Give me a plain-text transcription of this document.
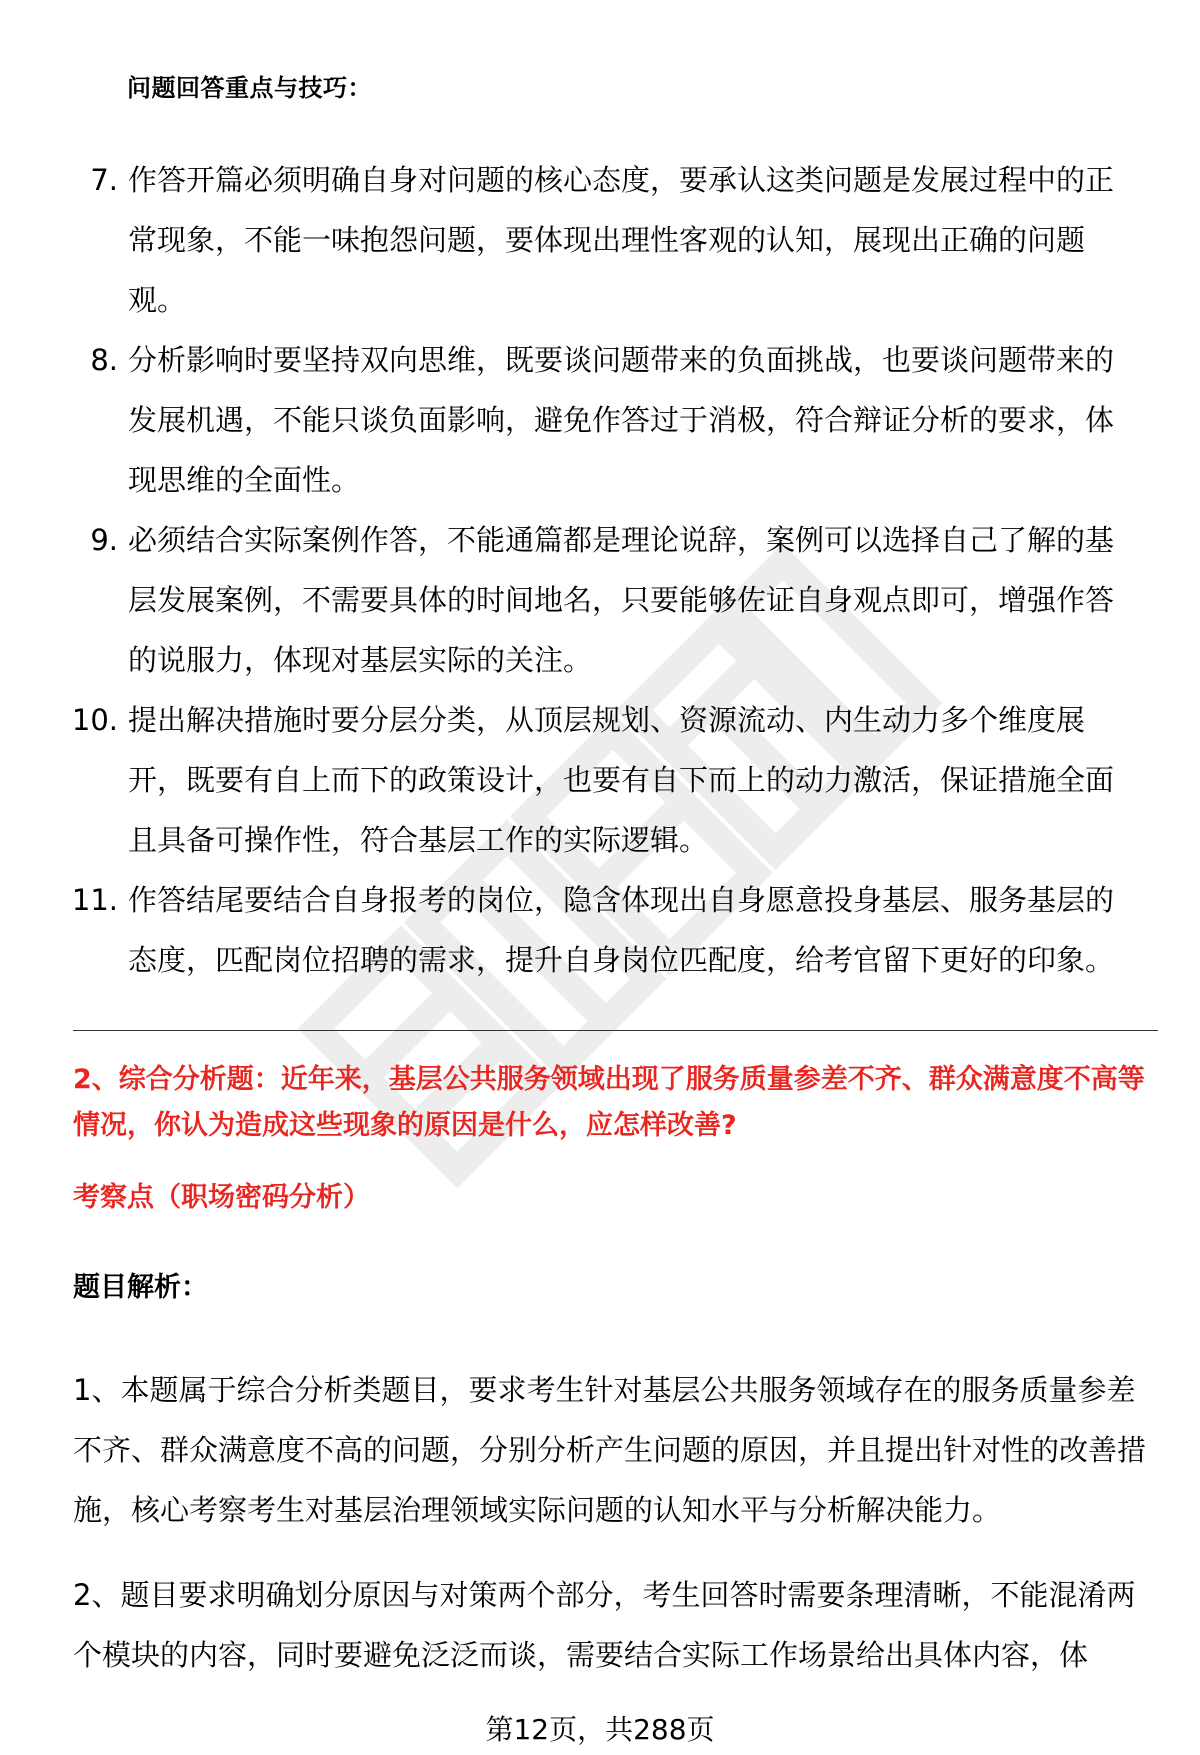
问题回答重点与技巧：
7. 作答开篇必须明确自身对问题的核心态度，要承认这类问题是发展过程中的正常现象，不能一味抱怨问题，要体现出理性客观的认知，展现出正确的问题观。
8. 分析影响时要坚持双向思维，既要谈问题带来的负面挑战，也要谈问题带来的发展机遇，不能只谈负面影响，避免作答过于消极，符合辩证分析的要求，体现思维的全面性。
9. 必须结合实际案例作答，不能通篇都是理论说辞，案例可以选择自己了解的基层发展案例，不需要具体的时间地名，只要能够佐证自身观点即可，增强作答的说服力，体现对基层实际的关注。
10. 提出解决措施时要分层分类，从顶层规划、资源流动、内生动力多个维度展开，既要有自上而下的政策设计，也要有自下而上的动力激活，保证措施全面且具备可操作性，符合基层工作的实际逻辑。
11. 作答结尾要结合自身报考的岗位，隐含体现出自身愿意投身基层、服务基层的态度，匹配岗位招聘的需求，提升自身岗位匹配度，给考官留下更好的印象。
2、综合分析题：近年来，基层公共服务领域出现了服务质量参差不齐、群众满意度不高等情况，你认为造成这些现象的原因是什么，应怎样改善?
考察点（职场密码分析）
题目解析：

1、本题属于综合分析类题目，要求考生针对基层公共服务领域存在的服务质量参差不齐、群众满意度不高的问题，分别分析产生问题的原因，并且提出针对性的改善措施，核心考察考生对基层治理领域实际问题的认知水平与分析解决能力。

2、题目要求明确划分原因与对策两个部分，考生回答时需要条理清晰，不能混淆两个模块的内容，同时要避免泛泛而谈，需要结合实际工作场景给出具体内容，体

第12页，共288页
